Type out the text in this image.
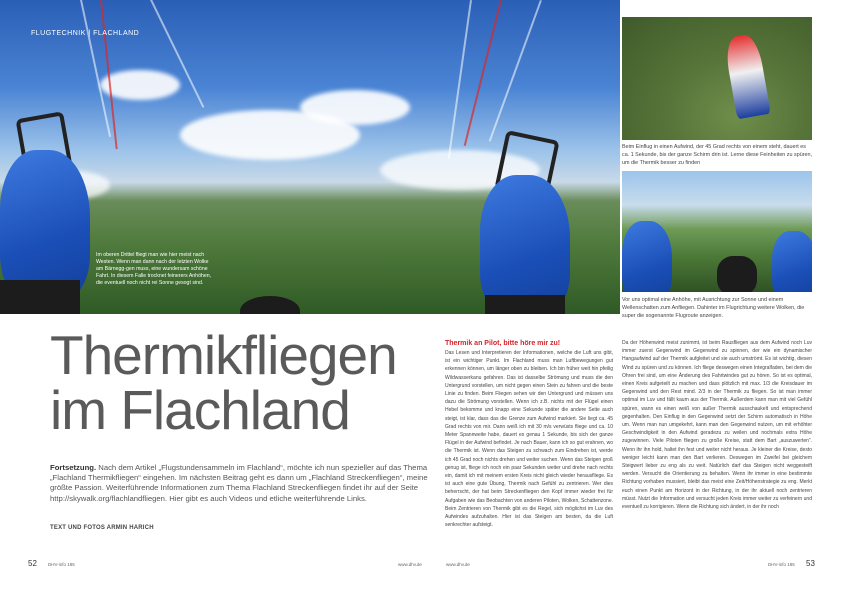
FLUGTECHNIK | FLACHLAND
Im oberen Drittel fliegt man wie hier meist nach Westen. Wenn man dann nach der letzten Wolke am Bärnegg-gen muss, eine wundersam schöne Fahrt. In diesem Falle trocknet feinerers Anhöhen, die eventuell noch nicht rei Sonne gesogt sind.
Beim Einflug in einen Aufwind, der 45 Grad rechts von einem steht, dauert es ca. 1 Sekunde, bis der ganze Schirm drin ist. Lerne diese Feinheiten zu spüren, um die Thermik besser zu finden
Vor uns optimal eine Anhöhe, mit Ausrichtung zur Sonne und einem Wellenschatten zum Anfliegen. Dahinter im Flugrichtung weitere Wolken, die super die sogenannte Flugroute anzeigen.
Thermikfliegen
im Flachland
Fortsetzung. Nach dem Artikel „Flugstundensammeln im Flachland“, möchte ich nun spezieller auf das Thema „Flachland Thermikfliegen“ eingehen. Im nächsten Beitrag geht es dann um „Flachland Streckenfliegen“, meine größte Passion. Weiterführende Informationen zum Thema Flachland Streckenfliegen findet ihr auf der Seite http://skywalk.org/flachlandfliegen. Hier gibt es auch Videos und etliche weiterführende Links.
TEXT UND FOTOS ARMIN HARICH
Thermik an Pilot, bitte höre mir zu!
Das Lesen und Interpretieren der Informationen, welche die Luft uns gibt, ist ein wichtiger Punkt. Im Flachland muss man Luftbewegungen gut erkennen können, um länger oben zu bleiben. Ich bin früher weit hin pfeilig Wildwasserkanu gefahren. Das ist dasselbe Strömung und muss die den Untergrund vorstellen, um nicht gegen einen Stein zu fahren und die beste Linie zu finden. Beim Fliegen sehen wir den Untergrund und müssen uns dazu die Strömung vorstellen. Wenn ich z.B. nichts mit der Flügel einen Hebel bekomme und knapp eine Sekunde später die andere Seite auch steigt, ist klar, dass das die Grenze zum Aufwind markiert. Sie liegt ca. 45 Grad rechts von mir. Dann weiß ich mit 30 m/s verwüsts fliege und ca. 10 Meter Spannweite habe, dauert es genau 1 Sekunde, bis sich der ganze Flügel in der Aufwind befindet. Je nach Bauer, kann ich so gut erahnen, wo die Thermik ist. Wenn das Steigen zu schwach zum Eindrehen ist, werde ich 45 Grad noch nichts drehen und weiter suchen. Wenn das Steigen groß genug ist, fliege ich noch ein paar Sekunden weiter und drehe nach rechts ein, damit ich mit meinem ersten Kreis nicht gleich wieder herausfliege. Es ist auch eine gute Übung, Thermik nach Gefühl zu zentrieren. Wer dies beherrscht, der hat beim Streckenfliegen den Kopf immer wieder frei für Aufgaben wie das Beobachten von anderen Piloten, Wolken, Schattenzone. Beim Zentrieren von Thermik gibt es die Regel, sich möglichst im Luv des Aufwindes aufzuhalten. Hier ist das Steigen am besten, da die Luft senkrechter aufsteigt.
Da der Höhenwind meist zunimmt, ist beim Rausfliegen aus dem Aufwind noch Luv immer zuerst Gegenwind im Gegenwind zu spinnen, der wie ein dynamischer Hangaufwind auf der Thermik aufgleitet und sie auch umströmt. Es ist wichtig, diesen Wind zu spüren und zu können. Ich fliege deswegen einen Integralfaden, bei dem die Ohren frei sind, um eine Änderung des Fahrtwindes gut zu hören. So ist es optimal, einen Kreis aufgeteilt zu machen und dass plötzlich mit max. 1/3 die Kreisdauer im Gegenwind und den Rest mind. 2/3 in der Thermik zu fliegen. So ist man immer optimal im Luv und fällt kaum aus der Thermik. Außerdem kann man mit viel Gefühl spüren, wann es einen weiß von außer Thermik ausschaukelt und entsprechend gegenhalten. Den Einflug in den Gegenwind setzt der Schirm automatisch in Höhe um. Wenn man nun umgekehrt, kann man den Gegenwind nutzen, um mit erhöhter Geschwindigkeit in den Aufwind geradezu zu weilen und nochmals extra Höhe zugewinnen. Viele Piloten fliegen zu große Kreise, statt dem Bart „auszuwerten“. Wenn ihr ihn hold, haltet ihn fest und weiter nicht heraus. Je kleiner die Kreise, desto weniger leicht kann man den Bart verlieren. Deswegen im Zweifel bei gleichem Steigwert lieber zu eng als zu weit. Natürlich darf das Steigen nicht weggesteift werden. Versucht die Orientierung zu behalten. Wenn ihr immer in eine bestimmte Richtung vorhaben mussiert, bleibt das meist eine Zeit/Höhenstrategie zu eng. Merkt euch einen Punkt am Horizont in der Richtung, in der ihr aktuell noch zentrieren müsst. Nutzt die Information und versucht jeden Kreis immer weiter zu verfeinern und eventuell zu korrigieren. Wenn die Richtung sich ändert, in der ihr noch
52 DHV-info 185	www.dhv.de	www.dhv.de	DHV-info 185 53
